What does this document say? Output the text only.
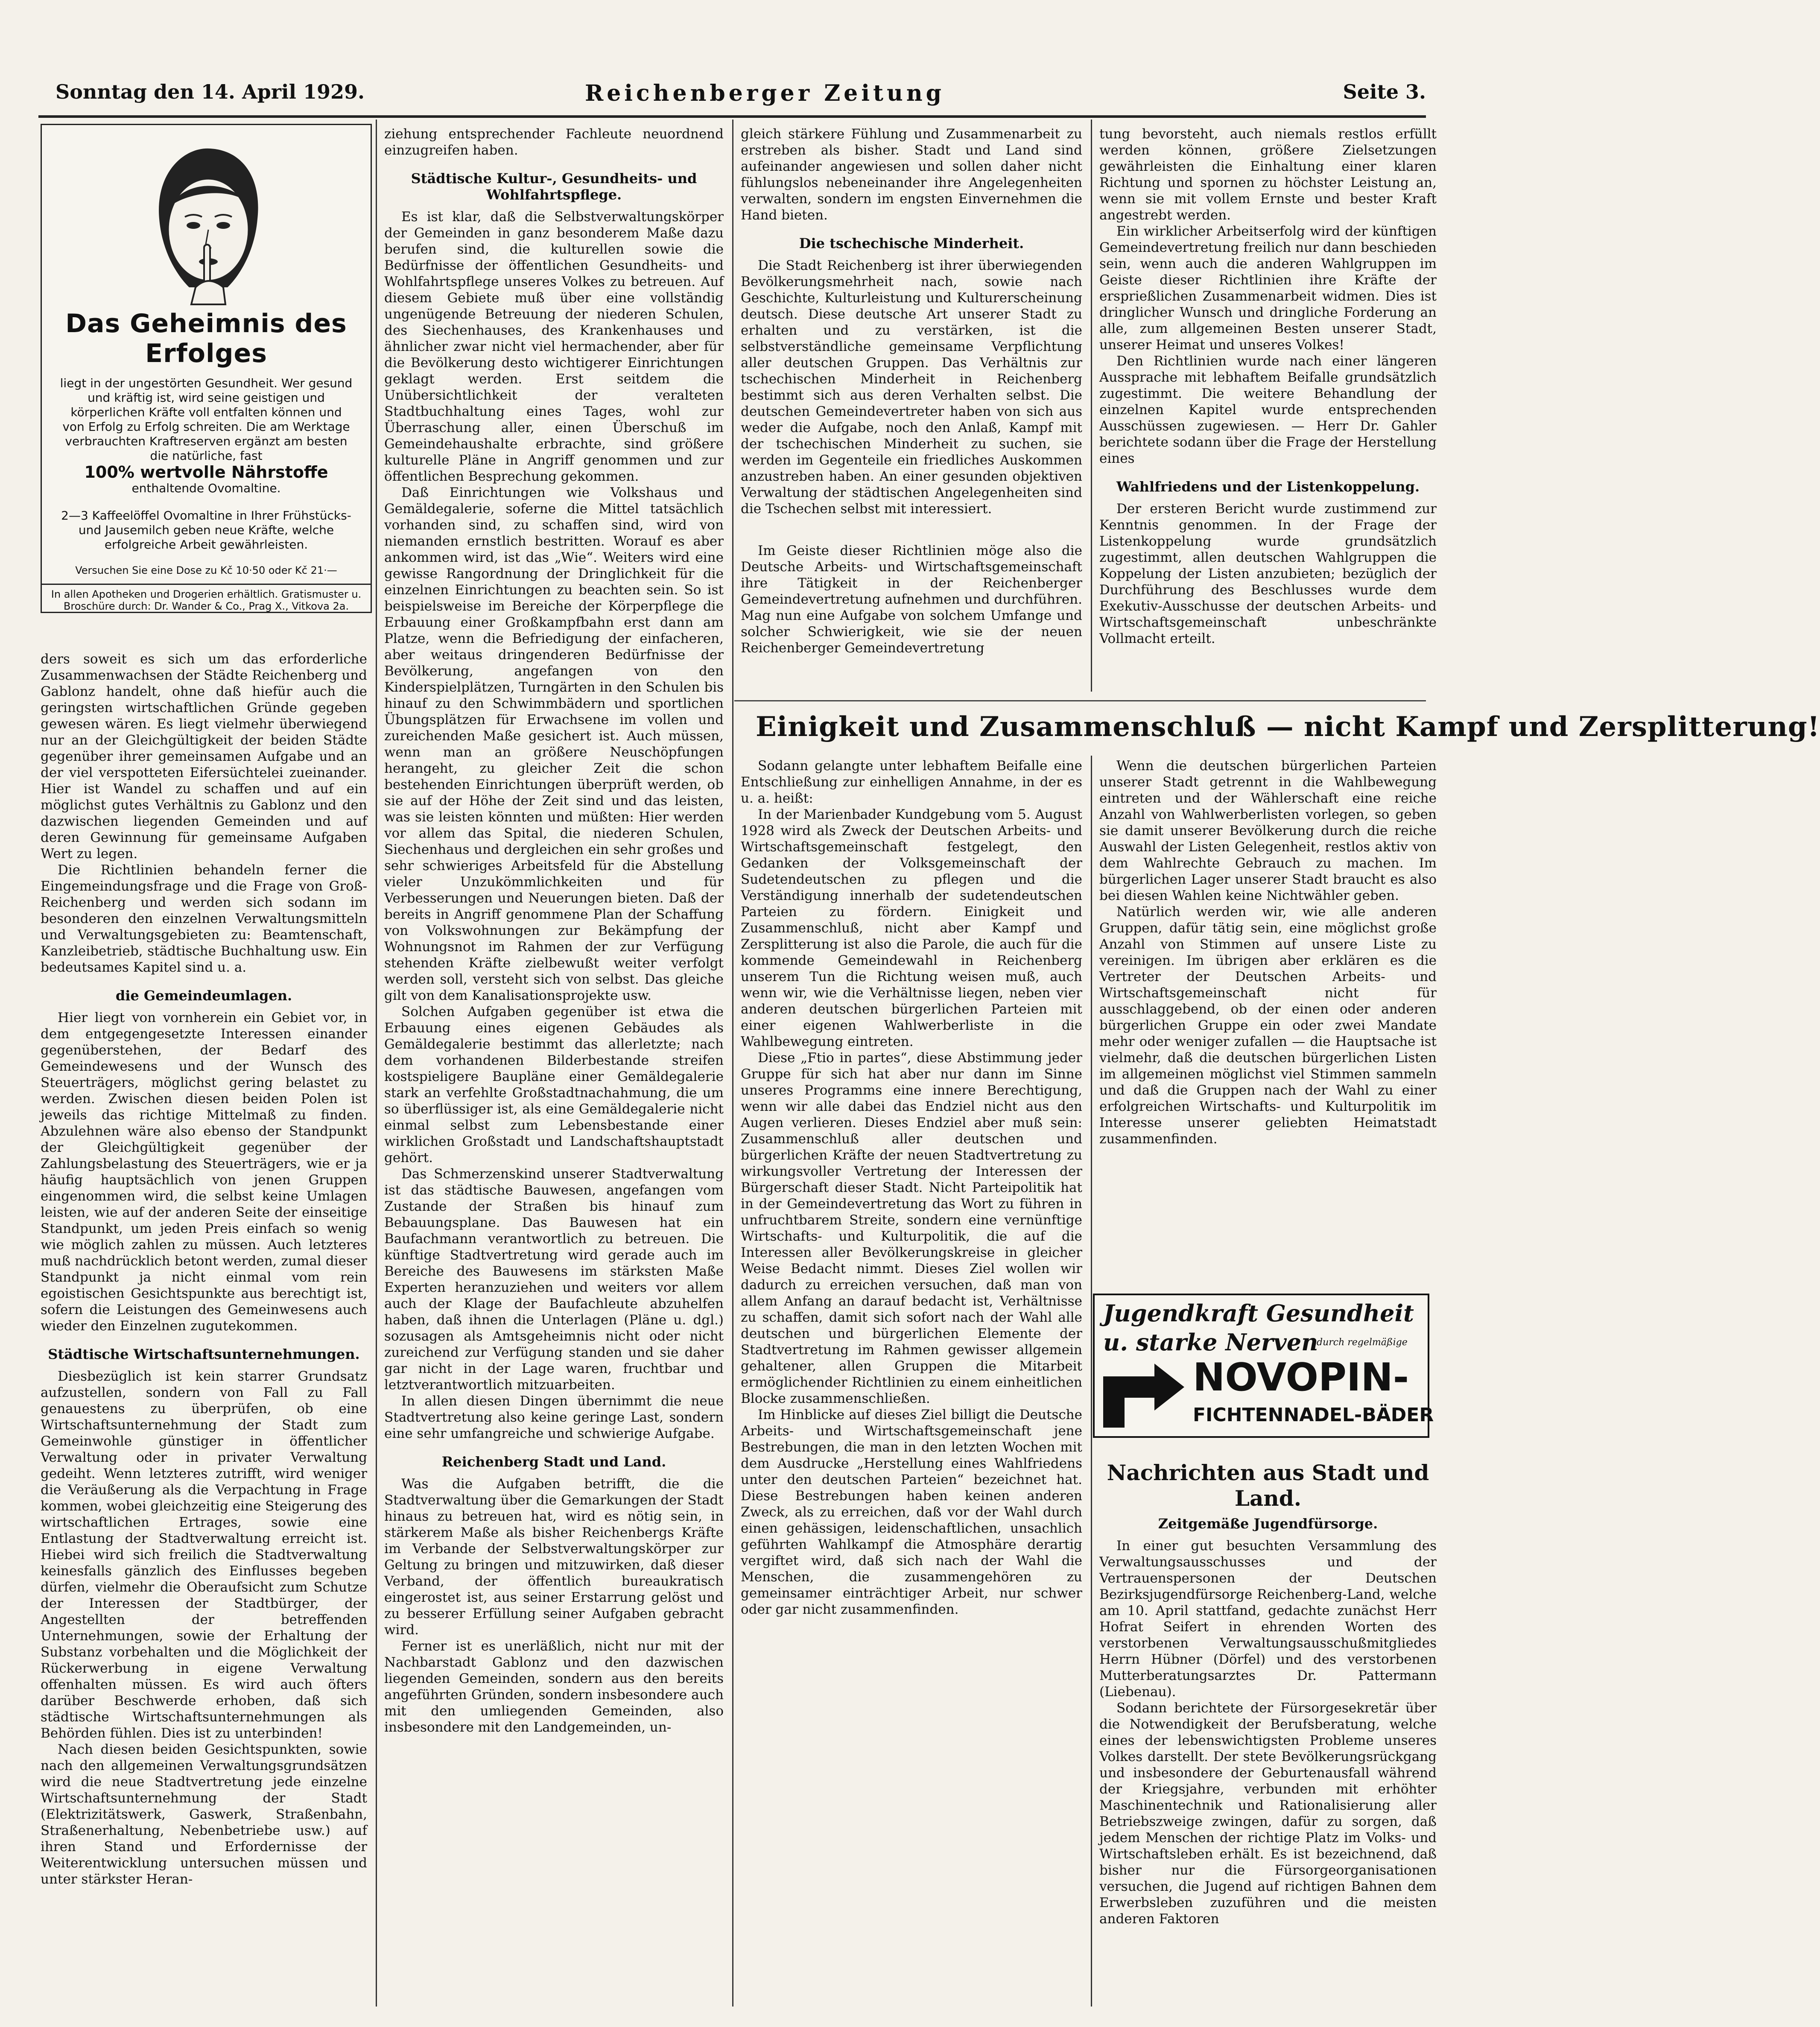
Sonntag den 14. April 1929.	Reichenberger Zeitung	Seite 3.
Das Geheimnis des Erfolges
liegt in der ungestörten Gesundheit. Wer gesund und kräftig ist, wird seine geistigen und körperlichen Kräfte voll entfalten können und von Erfolg zu Erfolg schreiten. Die am Werktage verbrauchten Kraftreserven ergänzt am besten die natürliche, fast
100% wertvolle Nährstoffe
enthaltende Ovomaltine.
2—3 Kaffeelöffel Ovomaltine in Ihrer Frühstücks- und Jausemilch geben neue Kräfte, welche erfolgreiche Arbeit gewährleisten.
Versuchen Sie eine Dose zu Kč 10·50 oder Kč 21·—
In allen Apotheken und Drogerien erhältlich. Gratismuster u. Broschüre durch: Dr. Wander & Co., Prag X., Vitkova 2a.

ders soweit es sich um das erforderliche Zusammenwachsen der Städte Reichenberg und Gablonz handelt, ohne daß hiefür auch die geringsten wirtschaftlichen Gründe gegeben gewesen wären. Es liegt vielmehr überwiegend nur an der Gleichgültigkeit der beiden Städte gegenüber ihrer gemeinsamen Aufgabe und an der viel verspotteten Eifersüchtelei zueinander. Hier ist Wandel zu schaffen und auf ein möglichst gutes Verhältnis zu Gablonz und den dazwischen liegenden Gemeinden und auf deren Gewinnung für gemeinsame Aufgaben Wert zu legen.

Die Richtlinien behandeln ferner die Eingemeindungsfrage und die Frage von Groß-Reichenberg und werden sich sodann im besonderen den einzelnen Verwaltungsmitteln und Verwaltungsgebieten zu: Beamtenschaft, Kanzleibetrieb, städtische Buchhaltung usw. Ein bedeutsames Kapitel sind u. a.

die Gemeindeumlagen.

Hier liegt von vornherein ein Gebiet vor, in dem entgegengesetzte Interessen einander gegenüberstehen, der Bedarf des Gemeindewesens und der Wunsch des Steuerträgers, möglichst gering belastet zu werden. Zwischen diesen beiden Polen ist jeweils das richtige Mittelmaß zu finden. Abzulehnen wäre also ebenso der Standpunkt der Gleichgültigkeit gegenüber der Zahlungsbelastung des Steuerträgers, wie er ja häufig hauptsächlich von jenen Gruppen eingenommen wird, die selbst keine Umlagen leisten, wie auf der anderen Seite der einseitige Standpunkt, um jeden Preis einfach so wenig wie möglich zahlen zu müssen. Auch letzteres muß nachdrücklich betont werden, zumal dieser Standpunkt ja nicht einmal vom rein egoistischen Gesichtspunkte aus berechtigt ist, sofern die Leistungen des Gemeinwesens auch wieder den Einzelnen zugutekommen.

Städtische Wirtschaftsunternehmungen.

Diesbezüglich ist kein starrer Grundsatz aufzustellen, sondern von Fall zu Fall genauestens zu überprüfen, ob eine Wirtschaftsunternehmung der Stadt zum Gemeinwohle günstiger in öffentlicher Verwaltung oder in privater Verwaltung gedeiht. Wenn letzteres zutrifft, wird weniger die Veräußerung als die Verpachtung in Frage kommen, wobei gleichzeitig eine Steigerung des wirtschaftlichen Ertrages, sowie eine Entlastung der Stadtverwaltung erreicht ist. Hiebei wird sich freilich die Stadtverwaltung keinesfalls gänzlich des Einflusses begeben dürfen, vielmehr die Oberaufsicht zum Schutze der Interessen der Stadtbürger, der Angestellten der betreffenden Unternehmungen, sowie der Erhaltung der Substanz vorbehalten und die Möglichkeit der Rückerwerbung in eigene Verwaltung offenhalten müssen. Es wird auch öfters darüber Beschwerde erhoben, daß sich städtische Wirtschaftsunternehmungen als Behörden fühlen. Dies ist zu unterbinden!

Nach diesen beiden Gesichtspunkten, sowie nach den allgemeinen Verwaltungsgrundsätzen wird die neue Stadtvertretung jede einzelne Wirtschaftsunternehmung der Stadt (Elektrizitätswerk, Gaswerk, Straßenbahn, Straßenerhaltung, Nebenbetriebe usw.) auf ihren Stand und Erfordernisse der Weiterentwicklung untersuchen müssen und unter stärkster Heran-

ziehung entsprechender Fachleute neuordnend einzugreifen haben.

Städtische Kultur-, Gesundheits- und Wohlfahrtspflege.

Es ist klar, daß die Selbstverwaltungskörper der Gemeinden in ganz besonderem Maße dazu berufen sind, die kulturellen sowie die Bedürfnisse der öffentlichen Gesundheits- und Wohlfahrtspflege unseres Volkes zu betreuen. Auf diesem Gebiete muß über eine vollständig ungenügende Betreuung der niederen Schulen, des Siechenhauses, des Krankenhauses und ähnlicher zwar nicht viel hermachender, aber für die Bevölkerung desto wichtigerer Einrichtungen geklagt werden. Erst seitdem die Unübersichtlichkeit der veralteten Stadtbuchhaltung eines Tages, wohl zur Überraschung aller, einen Überschuß im Gemeindehaushalte erbrachte, sind größere kulturelle Pläne in Angriff genommen und zur öffentlichen Besprechung gekommen.

Daß Einrichtungen wie Volkshaus und Gemäldegalerie, soferne die Mittel tatsächlich vorhanden sind, zu schaffen sind, wird von niemanden ernstlich bestritten. Worauf es aber ankommen wird, ist das „Wie“. Weiters wird eine gewisse Rangordnung der Dringlichkeit für die einzelnen Einrichtungen zu beachten sein. So ist beispielsweise im Bereiche der Körperpflege die Erbauung einer Großkampfbahn erst dann am Platze, wenn die Befriedigung der einfacheren, aber weitaus dringenderen Bedürfnisse der Bevölkerung, angefangen von den Kinderspielplätzen, Turngärten in den Schulen bis hinauf zu den Schwimmbädern und sportlichen Übungsplätzen für Erwachsene im vollen und zureichenden Maße gesichert ist. Auch müssen, wenn man an größere Neuschöpfungen herangeht, zu gleicher Zeit die schon bestehenden Einrichtungen überprüft werden, ob sie auf der Höhe der Zeit sind und das leisten, was sie leisten könnten und müßten: Hier werden vor allem das Spital, die niederen Schulen, Siechenhaus und dergleichen ein sehr großes und sehr schwieriges Arbeitsfeld für die Abstellung vieler Unzukömmlichkeiten und für Verbesserungen und Neuerungen bieten. Daß der bereits in Angriff genommene Plan der Schaffung von Volkswohnungen zur Bekämpfung der Wohnungsnot im Rahmen der zur Verfügung stehenden Kräfte zielbewußt weiter verfolgt werden soll, versteht sich von selbst. Das gleiche gilt von dem Kanalisationsprojekte usw.

Solchen Aufgaben gegenüber ist etwa die Erbauung eines eigenen Gebäudes als Gemäldegalerie bestimmt das allerletzte; nach dem vorhandenen Bilderbestande streifen kostspieligere Baupläne einer Gemäldegalerie stark an verfehlte Großstadtnachahmung, die um so überflüssiger ist, als eine Gemäldegalerie nicht einmal selbst zum Lebensbestande einer wirklichen Großstadt und Landschaftshauptstadt gehört.

Das Schmerzenskind unserer Stadtverwaltung ist das städtische Bauwesen, angefangen vom Zustande der Straßen bis hinauf zum Bebauungsplane. Das Bauwesen hat ein Baufachmann verantwortlich zu betreuen. Die künftige Stadtvertretung wird gerade auch im Bereiche des Bauwesens im stärksten Maße Experten heranzuziehen und weiters vor allem auch der Klage der Baufachleute abzuhelfen haben, daß ihnen die Unterlagen (Pläne u. dgl.) sozusagen als Amtsgeheimnis nicht oder nicht zureichend zur Verfügung standen und sie daher gar nicht in der Lage waren, fruchtbar und letztverantwortlich mitzuarbeiten.

In allen diesen Dingen übernimmt die neue Stadtvertretung also keine geringe Last, sondern eine sehr umfangreiche und schwierige Aufgabe.

Reichenberg Stadt und Land.

Was die Aufgaben betrifft, die die Stadtverwaltung über die Gemarkungen der Stadt hinaus zu betreuen hat, wird es nötig sein, in stärkerem Maße als bisher Reichenbergs Kräfte im Verbande der Selbstverwaltungskörper zur Geltung zu bringen und mitzuwirken, daß dieser Verband, der öffentlich bureaukratisch eingerostet ist, aus seiner Erstarrung gelöst und zu besserer Erfüllung seiner Aufgaben gebracht wird.

Ferner ist es unerläßlich, nicht nur mit der Nachbarstadt Gablonz und den dazwischen liegenden Gemeinden, sondern aus den bereits angeführten Gründen, sondern insbesondere auch mit den umliegenden Gemeinden, also insbesondere mit den Landgemeinden, un-

gleich stärkere Fühlung und Zusammenarbeit zu erstreben als bisher. Stadt und Land sind aufeinander angewiesen und sollen daher nicht fühlungslos nebeneinander ihre Angelegenheiten verwalten, sondern im engsten Einvernehmen die Hand bieten.

Die tschechische Minderheit.

Die Stadt Reichenberg ist ihrer überwiegenden Bevölkerungsmehrheit nach, sowie nach Geschichte, Kulturleistung und Kulturerscheinung deutsch. Diese deutsche Art unserer Stadt zu erhalten und zu verstärken, ist die selbstverständliche gemeinsame Verpflichtung aller deutschen Gruppen. Das Verhältnis zur tschechischen Minderheit in Reichenberg bestimmt sich aus deren Verhalten selbst. Die deutschen Gemeindevertreter haben von sich aus weder die Aufgabe, noch den Anlaß, Kampf mit der tschechischen Minderheit zu suchen, sie werden im Gegenteile ein friedliches Auskommen anzustreben haben. An einer gesunden objektiven Verwaltung der städtischen Angelegenheiten sind die Tschechen selbst mit interessiert.

Im Geiste dieser Richtlinien möge also die Deutsche Arbeits- und Wirtschaftsgemeinschaft ihre Tätigkeit in der Reichenberger Gemeindevertretung aufnehmen und durchführen. Mag nun eine Aufgabe von solchem Umfange und solcher Schwierigkeit, wie sie der neuen Reichenberger Gemeindevertretung

tung bevorsteht, auch niemals restlos erfüllt werden können, größere Zielsetzungen gewährleisten die Einhaltung einer klaren Richtung und spornen zu höchster Leistung an, wenn sie mit vollem Ernste und bester Kraft angestrebt werden.

Ein wirklicher Arbeitserfolg wird der künftigen Gemeindevertretung freilich nur dann beschieden sein, wenn auch die anderen Wahlgruppen im Geiste dieser Richtlinien ihre Kräfte der ersprießlichen Zusammenarbeit widmen. Dies ist dringlicher Wunsch und dringliche Forderung an alle, zum allgemeinen Besten unserer Stadt, unserer Heimat und unseres Volkes!

Den Richtlinien wurde nach einer längeren Aussprache mit lebhaftem Beifalle grundsätzlich zugestimmt. Die weitere Behandlung der einzelnen Kapitel wurde entsprechenden Ausschüssen zugewiesen. — Herr Dr. Gahler berichtete sodann über die Frage der Herstellung eines

Wahlfriedens und der Listenkoppelung.

Der ersteren Bericht wurde zustimmend zur Kenntnis genommen. In der Frage der Listenkoppelung wurde grundsätzlich zugestimmt, allen deutschen Wahlgruppen die Koppelung der Listen anzubieten; bezüglich der Durchführung des Beschlusses wurde dem Exekutiv-Ausschusse der deutschen Arbeits- und Wirtschaftsgemeinschaft unbeschränkte Vollmacht erteilt.

Einigkeit und Zusammenschluß — nicht Kampf und Zersplitterung!

Sodann gelangte unter lebhaftem Beifalle eine Entschließung zur einhelligen Annahme, in der es u. a. heißt:

In der Marienbader Kundgebung vom 5. August 1928 wird als Zweck der Deutschen Arbeits- und Wirtschaftsgemeinschaft festgelegt, den Gedanken der Volksgemeinschaft der Sudetendeutschen zu pflegen und die Verständigung innerhalb der sudetendeutschen Parteien zu fördern. Einigkeit und Zusammenschluß, nicht aber Kampf und Zersplitterung ist also die Parole, die auch für die kommende Gemeindewahl in Reichenberg unserem Tun die Richtung weisen muß, auch wenn wir, wie die Verhältnisse liegen, neben vier anderen deutschen bürgerlichen Parteien mit einer eigenen Wahlwerberliste in die Wahlbewegung eintreten.

Diese „Ftio in partes“, diese Abstimmung jeder Gruppe für sich hat aber nur dann im Sinne unseres Programms eine innere Berechtigung, wenn wir alle dabei das Endziel nicht aus den Augen verlieren. Dieses Endziel aber muß sein: Zusammenschluß aller deutschen und bürgerlichen Kräfte der neuen Stadtvertretung zu wirkungsvoller Vertretung der Interessen der Bürgerschaft dieser Stadt. Nicht Parteipolitik hat in der Gemeindevertretung das Wort zu führen in unfruchtbarem Streite, sondern eine vernünftige Wirtschafts- und Kulturpolitik, die auf die Interessen aller Bevölkerungskreise in gleicher Weise Bedacht nimmt. Dieses Ziel wollen wir dadurch zu erreichen versuchen, daß man von allem Anfang an darauf bedacht ist, Verhältnisse zu schaffen, damit sich sofort nach der Wahl alle deutschen und bürgerlichen Elemente der Stadtvertretung im Rahmen gewisser allgemein gehaltener, allen Gruppen die Mitarbeit ermöglichender Richtlinien zu einem einheitlichen Blocke zusammenschließen.

Im Hinblicke auf dieses Ziel billigt die Deutsche Arbeits- und Wirtschaftsgemeinschaft jene Bestrebungen, die man in den letzten Wochen mit dem Ausdrucke „Herstellung eines Wahlfriedens unter den deutschen Parteien“ bezeichnet hat. Diese Bestrebungen haben keinen anderen Zweck, als zu erreichen, daß vor der Wahl durch einen gehässigen, leidenschaftlichen, unsachlich geführten Wahlkampf die Atmosphäre derartig vergiftet wird, daß sich nach der Wahl die Menschen, die zusammengehören zu gemeinsamer einträchtiger Arbeit, nur schwer oder gar nicht zusammenfinden.

Wenn die deutschen bürgerlichen Parteien unserer Stadt getrennt in die Wahlbewegung eintreten und der Wählerschaft eine reiche Anzahl von Wahlwerberlisten vorlegen, so geben sie damit unserer Bevölkerung durch die reiche Auswahl der Listen Gelegenheit, restlos aktiv von dem Wahlrechte Gebrauch zu machen. Im bürgerlichen Lager unserer Stadt braucht es also bei diesen Wahlen keine Nichtwähler geben.

Natürlich werden wir, wie alle anderen Gruppen, dafür tätig sein, eine möglichst große Anzahl von Stimmen auf unsere Liste zu vereinigen. Im übrigen aber erklären es die Vertreter der Deutschen Arbeits- und Wirtschaftsgemeinschaft nicht für ausschlaggebend, ob der einen oder anderen bürgerlichen Gruppe ein oder zwei Mandate mehr oder weniger zufallen — die Hauptsache ist vielmehr, daß die deutschen bürgerlichen Listen im allgemeinen möglichst viel Stimmen sammeln und daß die Gruppen nach der Wahl zu einer erfolgreichen Wirtschafts- und Kulturpolitik im Interesse unserer geliebten Heimatstadt zusammenfinden.

Jugendkraft Gesundheit
u. starke Nerven
durch regelmäßige
NOVOPIN-
FICHTENNADEL-BÄDER
Nachrichten aus Stadt und Land.
Zeitgemäße Jugendfürsorge.

In einer gut besuchten Versammlung des Verwaltungsausschusses und der Vertrauenspersonen der Deutschen Bezirksjugendfürsorge Reichenberg-Land, welche am 10. April stattfand, gedachte zunächst Herr Hofrat Seifert in ehrenden Worten des verstorbenen Verwaltungsausschußmitgliedes Herrn Hübner (Dörfel) und des verstorbenen Mutterberatungsarztes Dr. Pattermann (Liebenau).

Sodann berichtete der Fürsorgesekretär über die Notwendigkeit der Berufsberatung, welche eines der lebenswichtigsten Probleme unseres Volkes darstellt. Der stete Bevölkerungsrückgang und insbesondere der Geburtenausfall während der Kriegsjahre, verbunden mit erhöhter Maschinentechnik und Rationalisierung aller Betriebszweige zwingen, dafür zu sorgen, daß jedem Menschen der richtige Platz im Volks- und Wirtschaftsleben erhält. Es ist bezeichnend, daß bisher nur die Fürsorgeorganisationen versuchen, die Jugend auf richtigen Bahnen dem Erwerbsleben zuzuführen und die meisten anderen Faktoren
